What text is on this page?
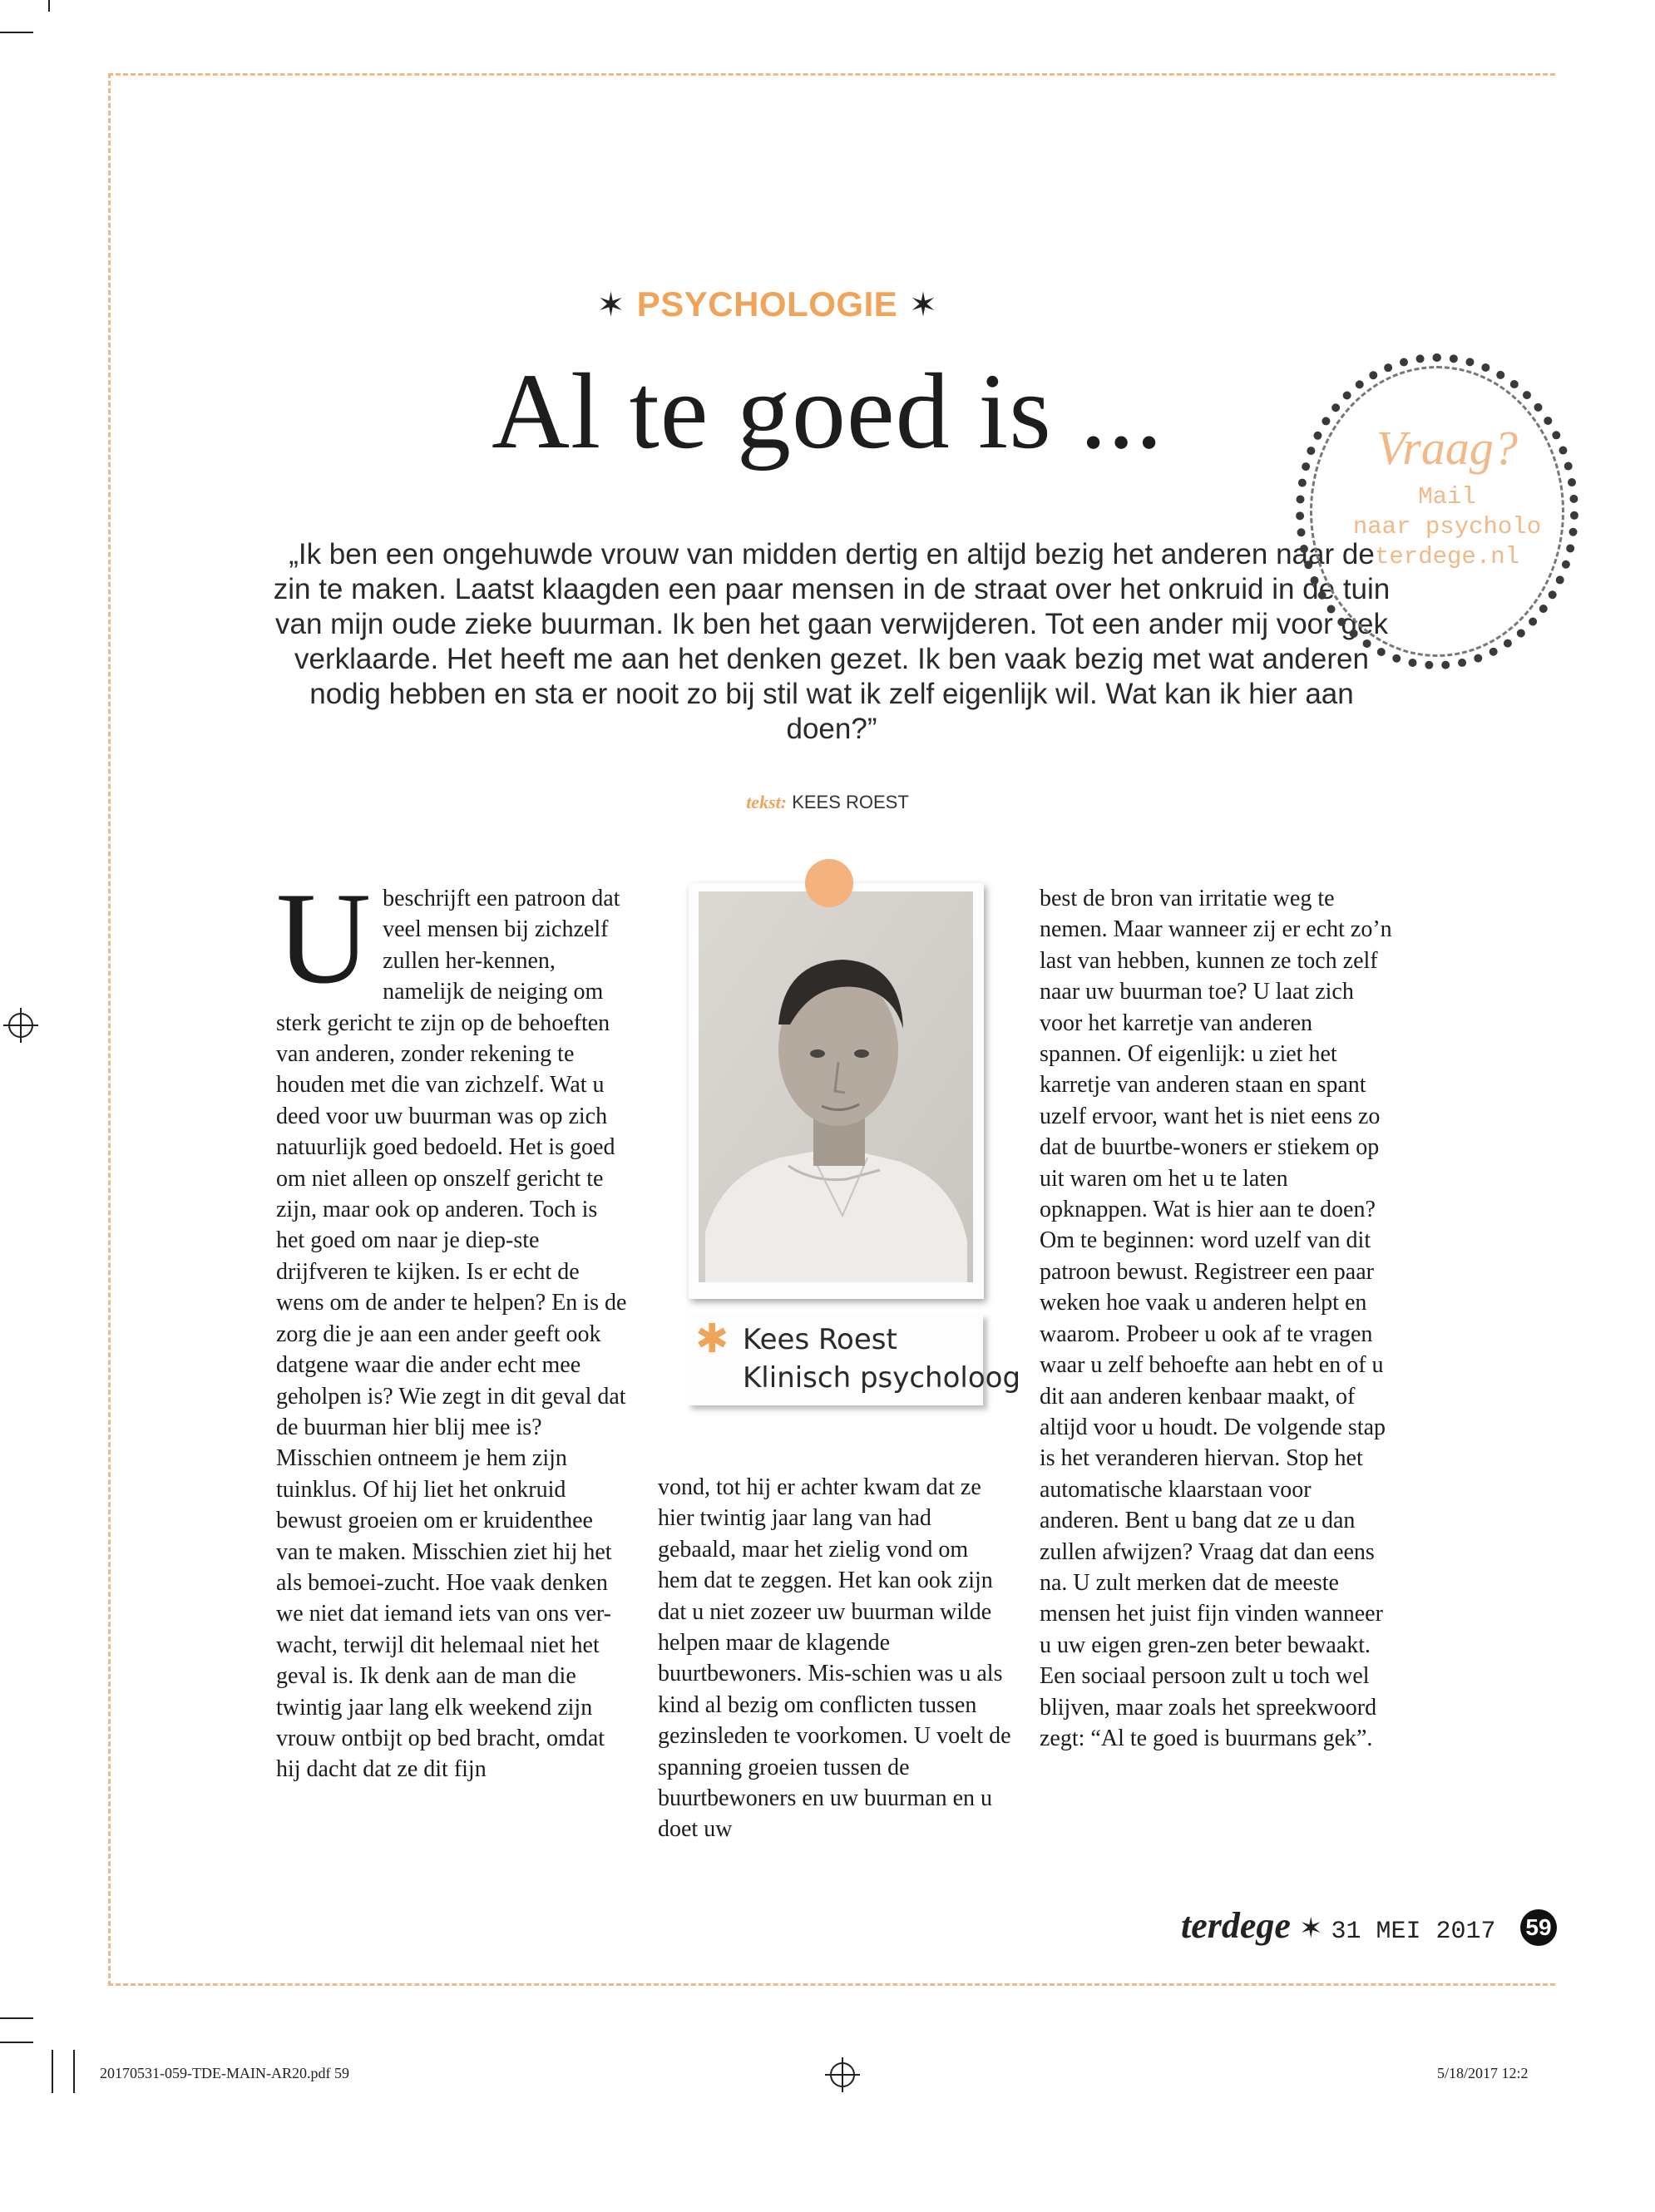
✶ PSYCHOLOGIE ✶
Al te goed is ...
„Ik ben een ongehuwde vrouw van midden dertig en altijd bezig het anderen naar de zin te maken. Laatst klaagden een paar mensen in de straat over het onkruid in de tuin van mijn oude zieke buurman. Ik ben het gaan verwijderen. Tot een ander mij voor gek verklaarde. Het heeft me aan het denken gezet. Ik ben vaak bezig met wat anderen nodig hebben en sta er nooit zo bij stil wat ik zelf eigenlijk wil. Wat kan ik hier aan doen?”
tekst: KEES ROEST
Vraag?
Mail
naar psycholo
terdege.nl
U beschrijft een patroon dat veel mensen bij zichzelf zullen her-kennen, namelijk de neiging om sterk gericht te zijn op de behoeften van anderen, zonder rekening te houden met die van zichzelf. Wat u deed voor uw buurman was op zich natuurlijk goed bedoeld. Het is goed om niet alleen op onszelf gericht te zijn, maar ook op anderen. Toch is het goed om naar je diep-ste drijfveren te kijken. Is er echt de wens om de ander te helpen? En is de zorg die je aan een ander geeft ook datgene waar die ander echt mee geholpen is? Wie zegt in dit geval dat de buurman hier blij mee is? Misschien ontneem je hem zijn tuinklus. Of hij liet het onkruid bewust groeien om er kruidenthee van te maken. Misschien ziet hij het als bemoei-zucht. Hoe vaak denken we niet dat iemand iets van ons ver-wacht, terwijl dit helemaal niet het geval is. Ik denk aan de man die twintig jaar lang elk weekend zijn vrouw ontbijt op bed bracht, omdat hij dacht dat ze dit fijn

✱ Kees Roest
Klinisch psycholoog

vond, tot hij er achter kwam dat ze hier twintig jaar lang van had gebaald, maar het zielig vond om hem dat te zeggen. Het kan ook zijn dat u niet zozeer uw buurman wilde helpen maar de klagende buurtbewoners. Mis-schien was u als kind al bezig om conflicten tussen gezinsleden te voorkomen. U voelt de spanning groeien tussen de buurtbewoners en uw buurman en u doet uw

best de bron van irritatie weg te nemen. Maar wanneer zij er echt zo’n last van hebben, kunnen ze toch zelf naar uw buurman toe? U laat zich voor het karretje van anderen spannen. Of eigenlijk: u ziet het karretje van anderen staan en spant uzelf ervoor, want het is niet eens zo dat de buurtbe-woners er stiekem op uit waren om het u te laten opknappen. Wat is hier aan te doen? Om te beginnen: word uzelf van dit patroon bewust. Registreer een paar weken hoe vaak u anderen helpt en waarom. Probeer u ook af te vragen waar u zelf behoefte aan hebt en of u dit aan anderen kenbaar maakt, of altijd voor u houdt. De volgende stap is het veranderen hiervan. Stop het automatische klaarstaan voor anderen. Bent u bang dat ze u dan zullen afwijzen? Vraag dat dan eens na. U zult merken dat de meeste mensen het juist fijn vinden wanneer u uw eigen gren-zen beter bewaakt. Een sociaal persoon zult u toch wel blijven, maar zoals het spreekwoord zegt: “Al te goed is buurmans gek”.

terdege ✶ 31 MEI 2017 59
20170531-059-TDE-MAIN-AR20.pdf 59	5/18/2017 12:2
